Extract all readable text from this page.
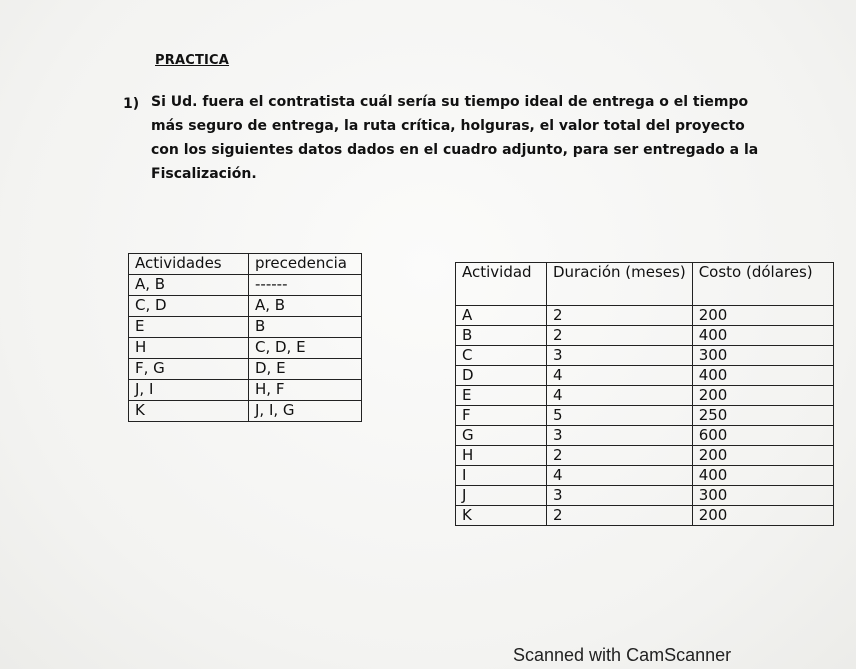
PRACTICA
1) Si Ud. fuera el contratista cuál sería su tiempo ideal de entrega o el tiempo más seguro de entrega, la ruta crítica, holguras, el valor total del proyecto con los siguientes datos dados en el cuadro adjunto, para ser entregado a la Fiscalización.

Actividades	precedencia
A, B	------
C, D	A, B
E	B
H	C, D, E
F, G	D, E
J, I	H, F
K	J, I, G
Actividad	Duración (meses)	Costo (dólares)
A	2	200
B	2	400
C	3	300
D	4	400
E	4	200
F	5	250
G	3	600
H	2	200
I	4	400
J	3	300
K	2	200
Scanned with CamScanner
